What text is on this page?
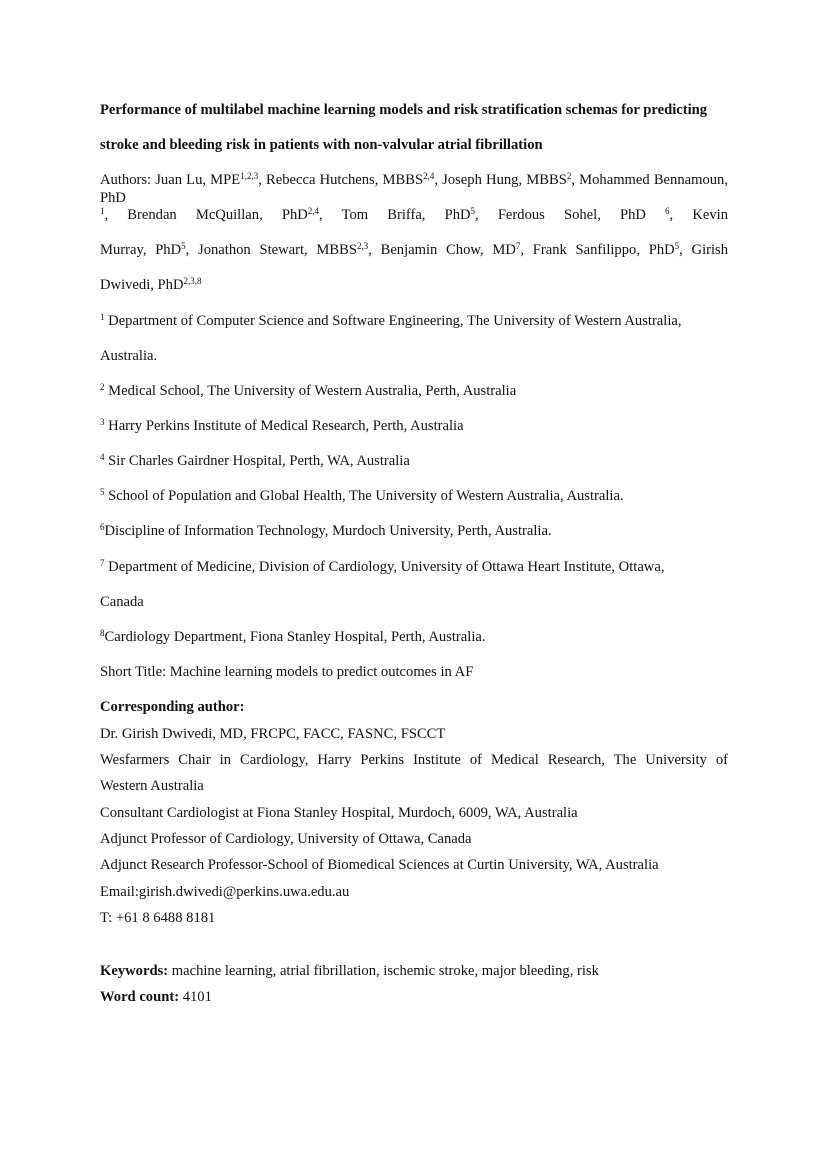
Performance of multilabel machine learning models and risk stratification schemas for predicting
stroke and bleeding risk in patients with non-valvular atrial fibrillation
Authors: Juan Lu, MPE$^{1,2,3}$, Rebecca Hutchens, MBBS$^{2,4}$, Joseph Hung, MBBS$^2$, Mohammed Bennamoun, PhD
$^1$, Brendan McQuillan, PhD$^{2,4}$, Tom Briffa, PhD$^5$, Ferdous Sohel, PhD $^6$, Kevin
Murray, PhD$^5$, Jonathon Stewart, MBBS$^{2,3}$, Benjamin Chow, $MD^7$, Frank Sanfilippo, PhD$^5$, Girish
Dwivedi, PhD$^{2,3,8}$
$^1$ Department of Computer Science and Software Engineering, The University of Western Australia,
Australia.
$^2$ Medical School, The University of Western Australia, Perth, Australia
$^3$ Harry Perkins Institute of Medical Research, Perth, Australia
$^4$ Sir Charles Gairdner Hospital, Perth, WA, Australia
$^5$ School of Population and Global Health, The University of Western Australia, Australia.
$^6$Discipline of Information Technology, Murdoch University, Perth, Australia.
$^7$ Department of Medicine, Division of Cardiology, University of Ottawa Heart Institute, Ottawa,
Canada
$^8$Cardiology Department, Fiona Stanley Hospital, Perth, Australia.
Short Title: Machine learning models to predict outcomes in AF
Corresponding author:
Dr. Girish Dwivedi, MD, FRCPC, FACC, FASNC, FSCCT
Wesfarmers Chair in Cardiology, Harry Perkins Institute of Medical Research, The University of
Western Australia
Consultant Cardiologist at Fiona Stanley Hospital, Murdoch, 6009, WA, Australia
Adjunct Professor of Cardiology, University of Ottawa, Canada
Adjunct Research Professor-School of Biomedical Sciences at Curtin University, WA, Australia
Email:girish.dwivedi@perkins.uwa.edu.au
T: +61 8 6488 8181
Keywords: machine learning, atrial fibrillation, ischemic stroke, major bleeding, risk
Word count: 4101
